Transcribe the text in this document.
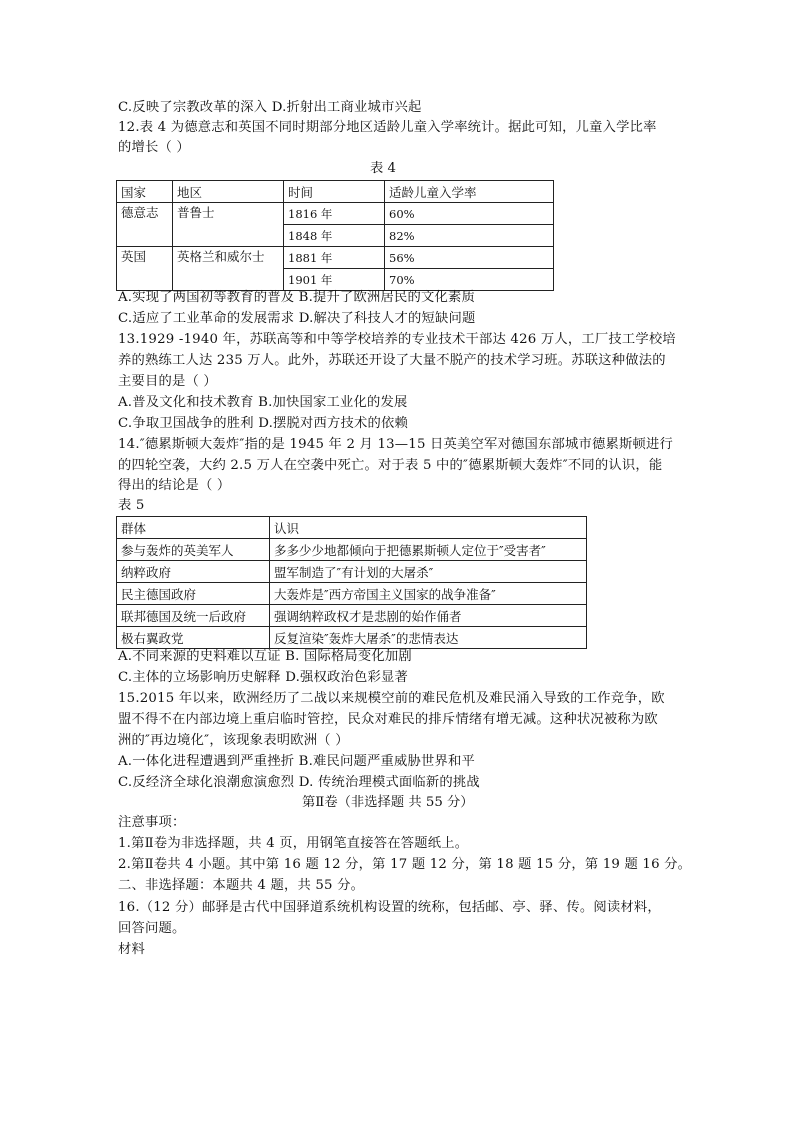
C.反映了宗教改革的深入 D.折射出工商业城市兴起
12.表 4 为德意志和英国不同时期部分地区适龄儿童入学率统计。据此可知，儿童入学比率
的增长（ ）
表 4
国家	地区	时间	适龄儿童入学率
德意志	普鲁士	1816 年	60%
		1848 年	82%
英国	英格兰和威尔士	1881 年	56%
		1901 年	70%
A.实现了两国初等教育的普及 B.提升了欧洲居民的文化素质
C.适应了工业革命的发展需求 D.解决了科技人才的短缺问题
13.1929 -1940 年，苏联高等和中等学校培养的专业技术干部达 426 万人，工厂技工学校培
养的熟练工人达 235 万人。此外，苏联还开设了大量不脱产的技术学习班。苏联这种做法的
主要目的是（ ）
A.普及文化和技术教育 B.加快国家工业化的发展
C.争取卫国战争的胜利 D.摆脱对西方技术的依赖
14.″德累斯顿大轰炸″指的是 1945 年 2 月 13—15 日英美空军对德国东部城市德累斯顿进行
的四轮空袭，大约 2.5 万人在空袭中死亡。对于表 5 中的″德累斯顿大轰炸″不同的认识，能
得出的结论是（ ）
表 5
群体	认识
参与轰炸的英美军人	多多少少地都倾向于把德累斯顿人定位于″受害者″
纳粹政府	盟军制造了″有计划的大屠杀″
民主德国政府	大轰炸是″西方帝国主义国家的战争准备″
联邦德国及统一后政府	强调纳粹政权才是悲剧的始作俑者
极右翼政党	反复渲染″轰炸大屠杀″的悲情表达
A.不同来源的史料难以互证 B. 国际格局变化加剧
C.主体的立场影响历史解释 D.强权政治色彩显著
15.2015 年以来，欧洲经历了二战以来规模空前的难民危机及难民涌入导致的工作竞争，欧
盟不得不在内部边境上重启临时管控，民众对难民的排斥情绪有增无减。这种状况被称为欧
洲的″再边境化″，该现象表明欧洲（ ）
A.一体化进程遭遇到严重挫折 B.难民问题严重威胁世界和平
C.反经济全球化浪潮愈演愈烈 D. 传统治理模式面临新的挑战
第Ⅱ卷（非选择题 共 55 分）
注意事项：
1.第Ⅱ卷为非选择题，共 4 页，用钢笔直接答在答题纸上。
2.第Ⅱ卷共 4 小题。其中第 16 题 12 分，第 17 题 12 分，第 18 题 15 分，第 19 题 16 分。
二、非选择题：本题共 4 题，共 55 分。
16.（12 分）邮驿是古代中国驿道系统机构设置的统称，包括邮、亭、驿、传。阅读材料，
回答问题。
材料
